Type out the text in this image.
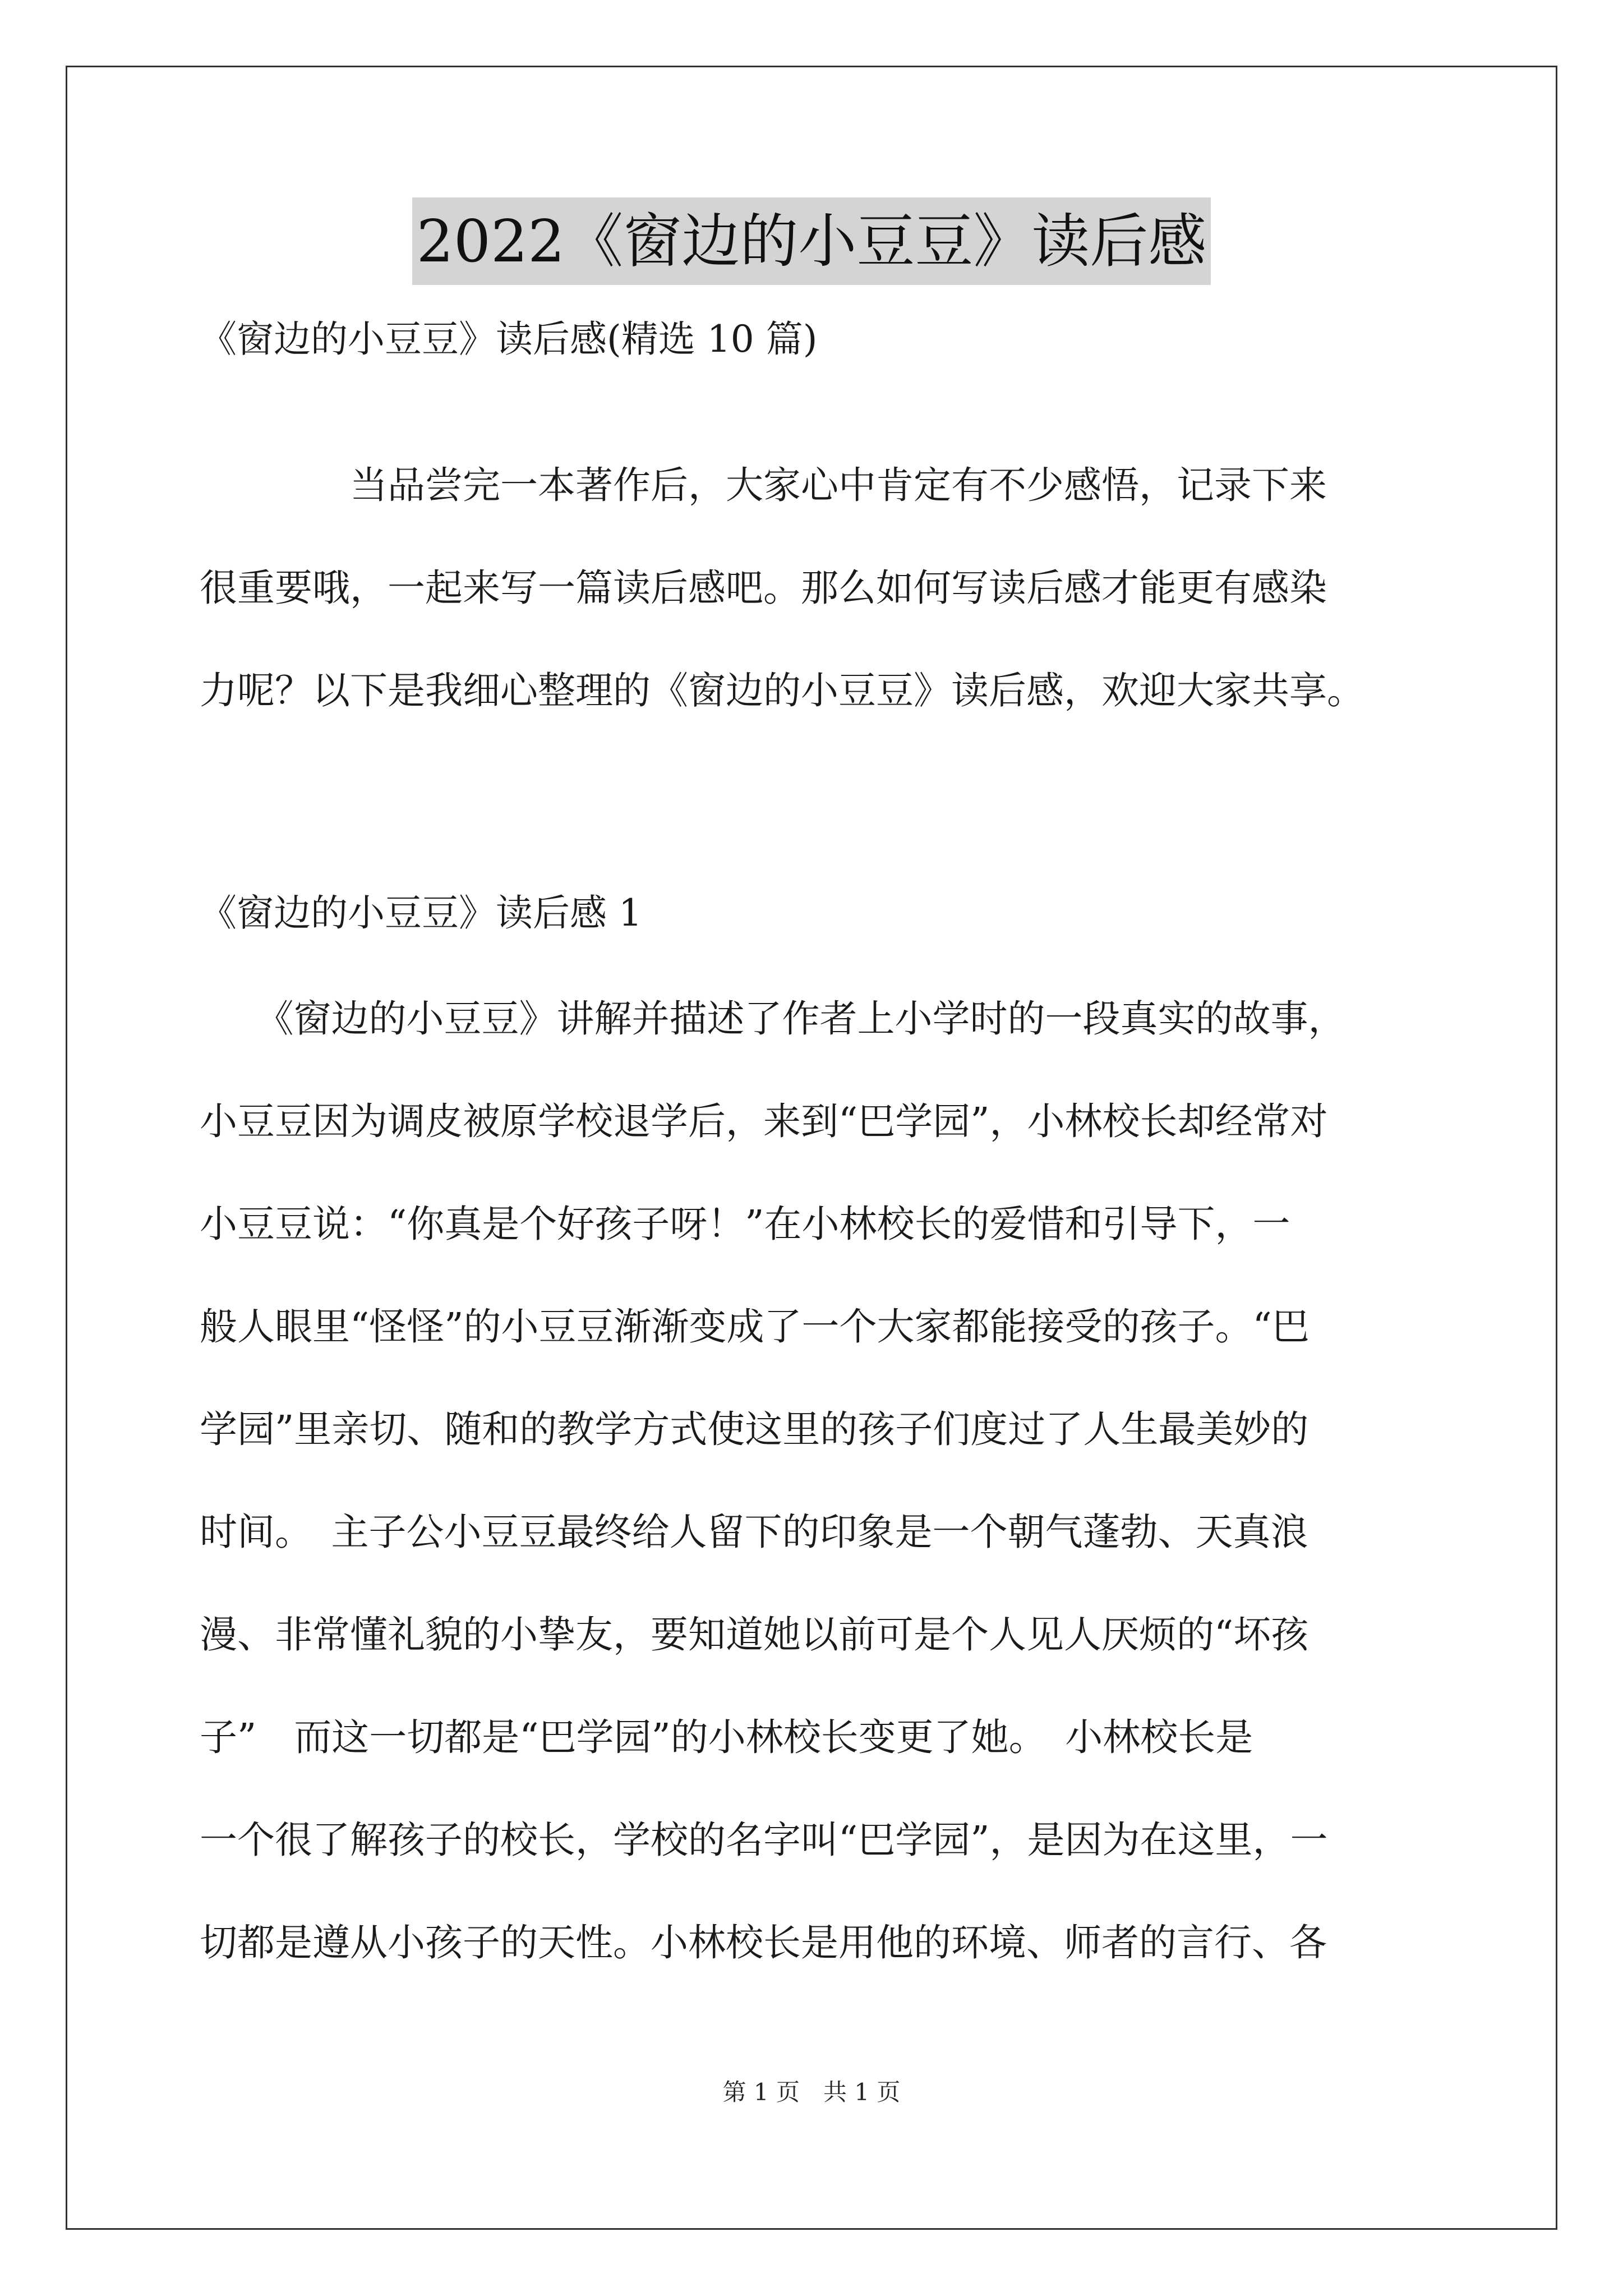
2022《窗边的小豆豆》读后感
《窗边的小豆豆》读后感(精选 10 篇)
　　　　当品尝完一本著作后，大家心中肯定有不少感悟，记录下来
很重要哦，一起来写一篇读后感吧。那么如何写读后感才能更有感染
力呢？以下是我细心整理的《窗边的小豆豆》读后感，欢迎大家共享。
《窗边的小豆豆》读后感 1
　　《窗边的小豆豆》讲解并描述了作者上小学时的一段真实的故事，
小豆豆因为调皮被原学校退学后，来到“巴学园”，小林校长却经常对
小豆豆说：“你真是个好孩子呀！”在小林校长的爱惜和引导下，一
般人眼里“怪怪”的小豆豆渐渐变成了一个大家都能接受的孩子。“巴
学园”里亲切、随和的教学方式使这里的孩子们度过了人生最美妙的
时间。　主子公小豆豆最终给人留下的印象是一个朝气蓬勃、天真浪
漫、非常懂礼貌的小挚友，要知道她以前可是个人见人厌烦的“坏孩
子”　而这一切都是“巴学园”的小林校长变更了她。　小林校长是
一个很了解孩子的校长，学校的名字叫“巴学园”，是因为在这里，一
切都是遵从小孩子的天性。小林校长是用他的环境、师者的言行、各
第 1 页　共 1 页
